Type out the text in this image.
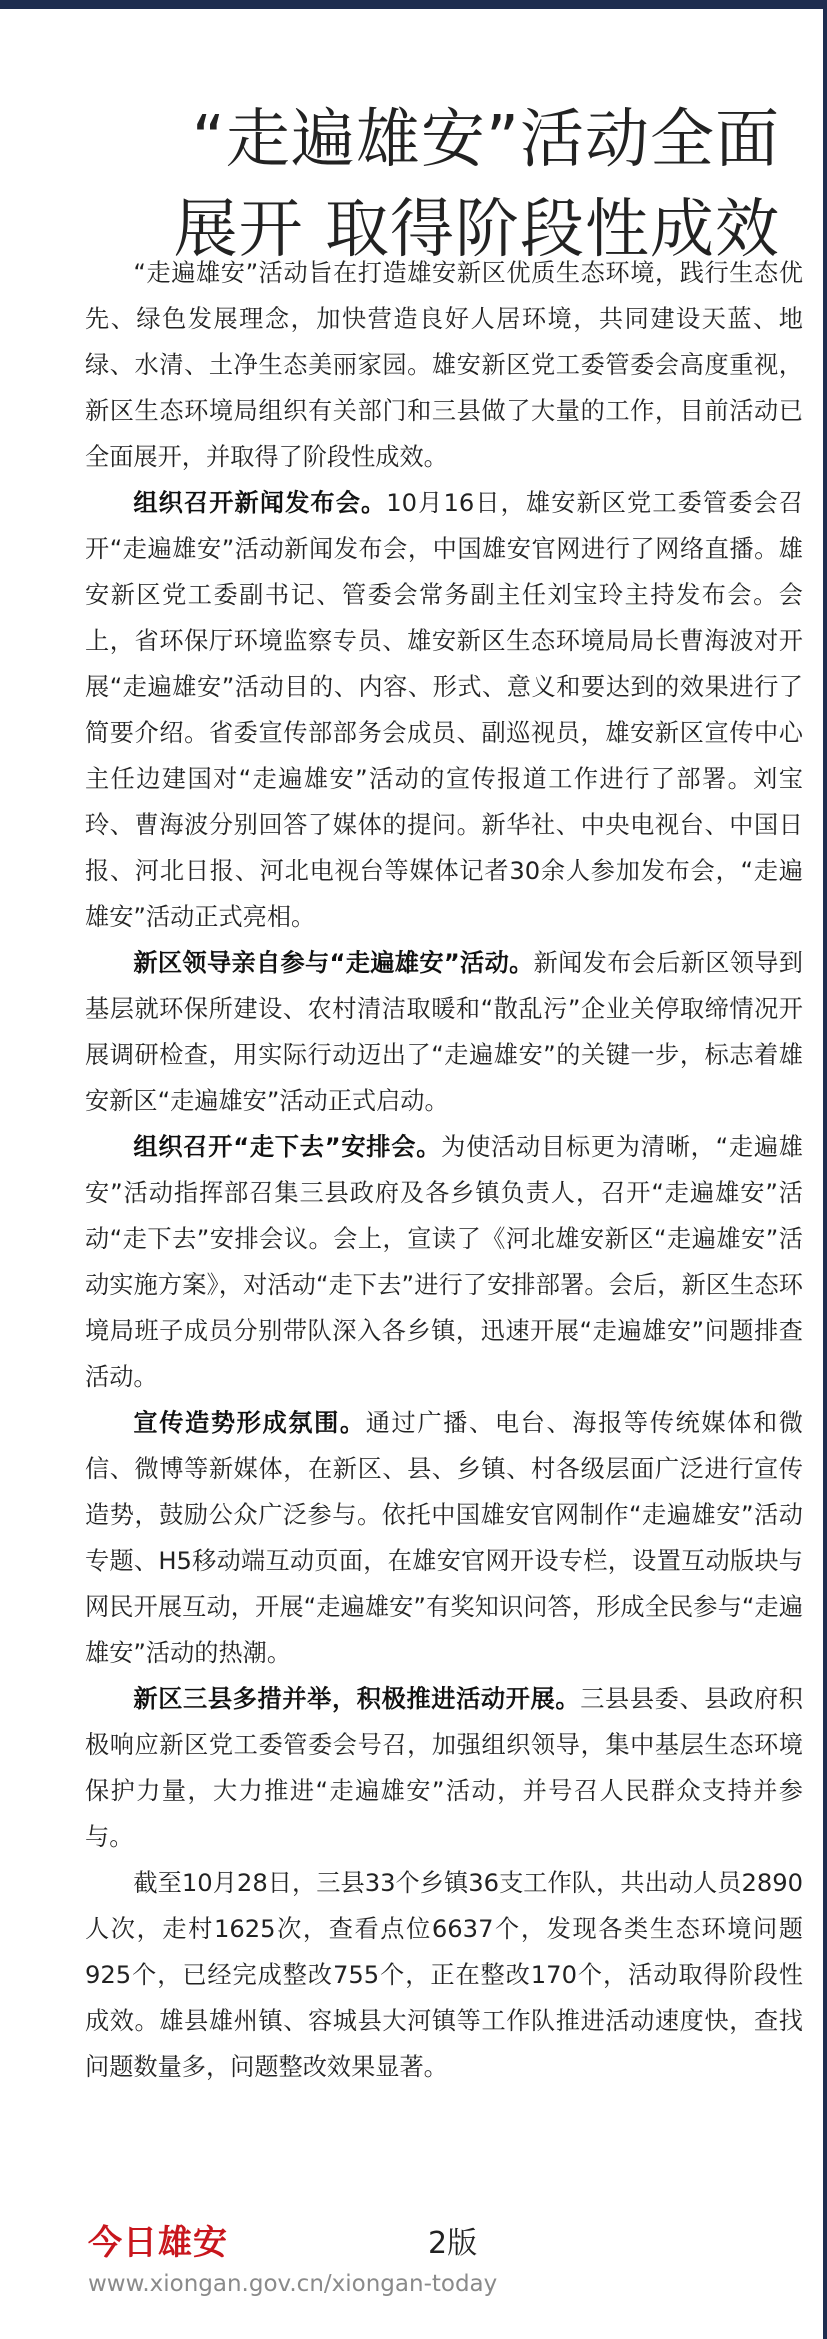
“走遍雄安”活动全面
展开 取得阶段性成效

“走遍雄安”活动旨在打造雄安新区优质生态环境，践行生态优先、绿色发展理念，加快营造良好人居环境，共同建设天蓝、地绿、水清、土净生态美丽家园。雄安新区党工委管委会高度重视，新区生态环境局组织有关部门和三县做了大量的工作，目前活动已全面展开，并取得了阶段性成效。

组织召开新闻发布会。10月16日，雄安新区党工委管委会召开“走遍雄安”活动新闻发布会，中国雄安官网进行了网络直播。雄安新区党工委副书记、管委会常务副主任刘宝玲主持发布会。会上，省环保厅环境监察专员、雄安新区生态环境局局长曹海波对开展“走遍雄安”活动目的、内容、形式、意义和要达到的效果进行了简要介绍。省委宣传部部务会成员、副巡视员，雄安新区宣传中心主任边建国对“走遍雄安”活动的宣传报道工作进行了部署。刘宝玲、曹海波分别回答了媒体的提问。新华社、中央电视台、中国日报、河北日报、河北电视台等媒体记者30余人参加发布会，“走遍雄安”活动正式亮相。

新区领导亲自参与“走遍雄安”活动。新闻发布会后新区领导到基层就环保所建设、农村清洁取暖和“散乱污”企业关停取缔情况开展调研检查，用实际行动迈出了“走遍雄安”的关键一步，标志着雄安新区“走遍雄安”活动正式启动。

组织召开“走下去”安排会。为使活动目标更为清晰，“走遍雄安”活动指挥部召集三县政府及各乡镇负责人，召开“走遍雄安”活动“走下去”安排会议。会上，宣读了《河北雄安新区“走遍雄安”活动实施方案》，对活动“走下去”进行了安排部署。会后，新区生态环境局班子成员分别带队深入各乡镇，迅速开展“走遍雄安”问题排查活动。

宣传造势形成氛围。通过广播、电台、海报等传统媒体和微信、微博等新媒体，在新区、县、乡镇、村各级层面广泛进行宣传造势，鼓励公众广泛参与。依托中国雄安官网制作“走遍雄安”活动专题、H5移动端互动页面，在雄安官网开设专栏，设置互动版块与网民开展互动，开展“走遍雄安”有奖知识问答，形成全民参与“走遍雄安”活动的热潮。

新区三县多措并举，积极推进活动开展。三县县委、县政府积极响应新区党工委管委会号召，加强组织领导，集中基层生态环境保护力量，大力推进“走遍雄安”活动，并号召人民群众支持并参与。

截至10月28日，三县33个乡镇36支工作队，共出动人员2890人次，走村1625次，查看点位6637个，发现各类生态环境问题925个，已经完成整改755个，正在整改170个，活动取得阶段性成效。雄县雄州镇、容城县大河镇等工作队推进活动速度快，查找问题数量多，问题整改效果显著。

今日雄安	2版
www.xiongan.gov.cn/xiongan-today
